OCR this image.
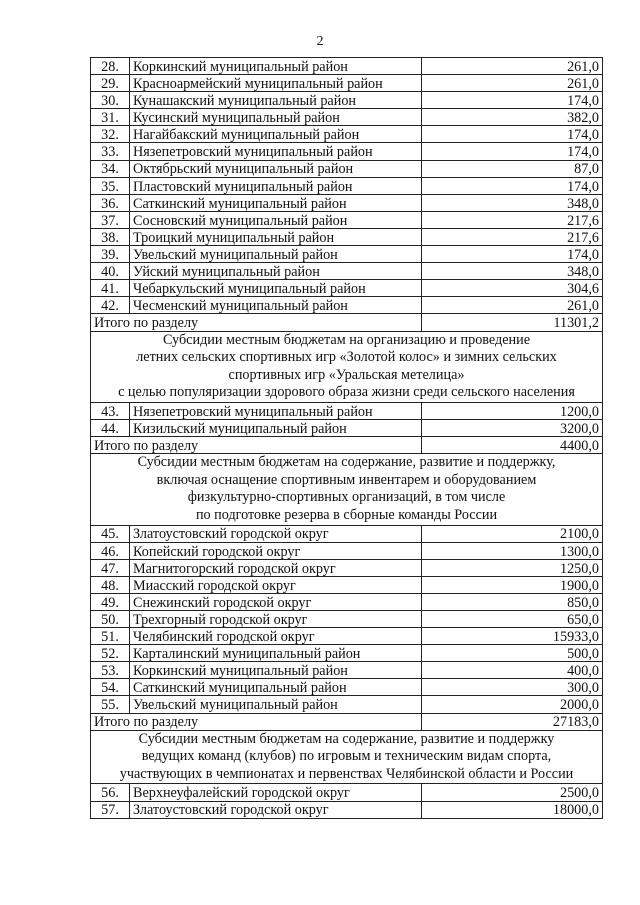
2
28.	Коркинский муниципальный район	261,0
29.	Красноармейский муниципальный район	261,0
30.	Кунашакский муниципальный район	174,0
31.	Кусинский муниципальный район	382,0
32.	Нагайбакский муниципальный район	174,0
33.	Нязепетровский муниципальный район	174,0
34.	Октябрьский муниципальный район	87,0
35.	Пластовский муниципальный район	174,0
36.	Саткинский муниципальный район	348,0
37.	Сосновский муниципальный район	217,6
38.	Троицкий муниципальный район	217,6
39.	Увельский муниципальный район	174,0
40.	Уйский муниципальный район	348,0
41.	Чебаркульский муниципальный район	304,6
42.	Чесменский муниципальный район	261,0
Итого по разделу		11301,2

Субсидии местным бюджетам на организацию и проведение
летних сельских спортивных игр «Золотой колос» и зимних сельских
спортивных игр «Уральская метелица»
с целью популяризации здорового образа жизни среди сельского населения		

43.	Нязепетровский муниципальный район	1200,0
44.	Кизильский муниципальный район	3200,0
Итого по разделу		4400,0

Субсидии местным бюджетам на содержание, развитие и поддержку,
включая оснащение спортивным инвентарем и оборудованием
физкультурно-спортивных организаций, в том числе
по подготовке резерва в сборные команды России		

45.	Златоустовский городской округ	2100,0
46.	Копейский городской округ	1300,0
47.	Магнитогорский городской округ	1250,0
48.	Миасский городской округ	1900,0
49.	Снежинский городской округ	850,0
50.	Трехгорный городской округ	650,0
51.	Челябинский городской округ	15933,0
52.	Карталинский муниципальный район	500,0
53.	Коркинский муниципальный район	400,0
54.	Саткинский муниципальный район	300,0
55.	Увельский муниципальный район	2000,0
Итого по разделу		27183,0

Субсидии местным бюджетам на содержание, развитие и поддержку
ведущих команд (клубов) по игровым и техническим видам спорта,
участвующих в чемпионатах и первенствах Челябинской области и России		

56.	Верхнеуфалейский городской округ	2500,0
57.	Златоустовский городской округ	18000,0
